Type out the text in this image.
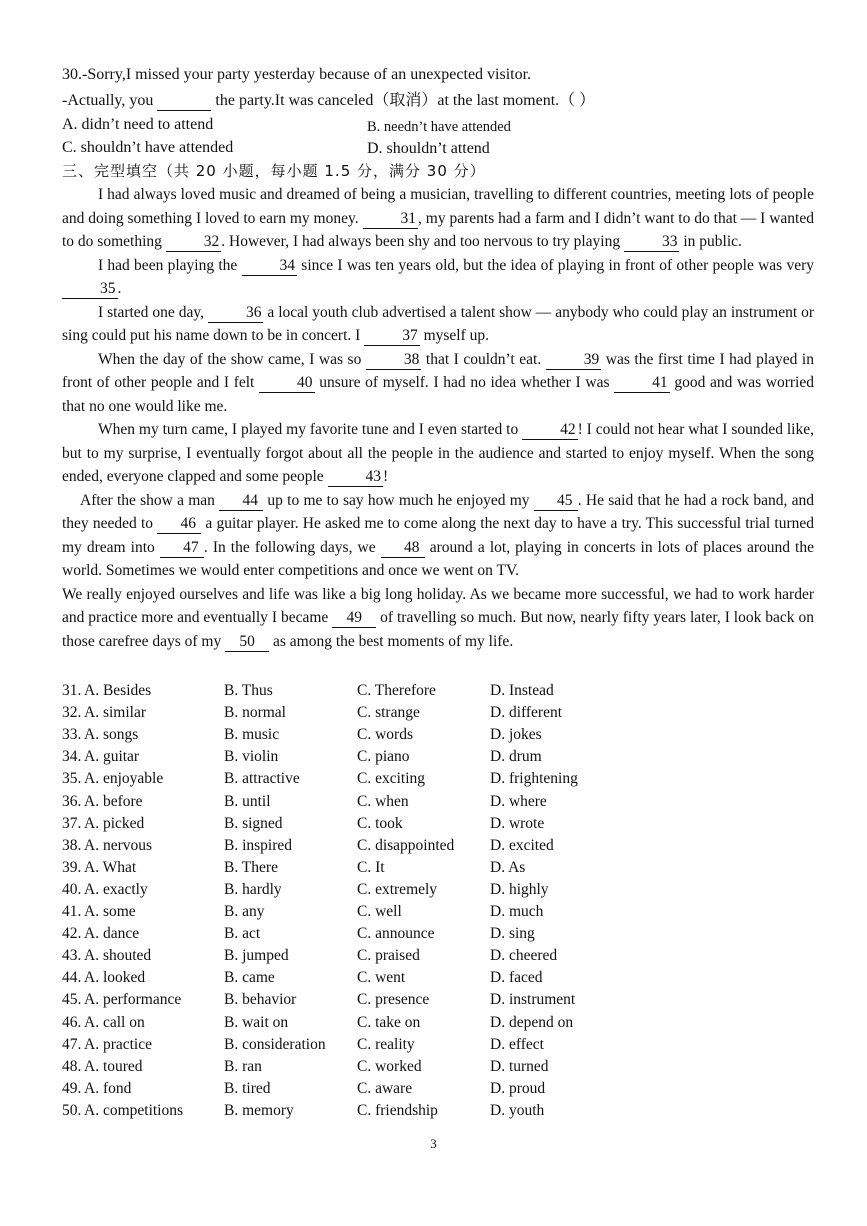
30.-Sorry,I missed your party yesterday because of an unexpected visitor.
-Actually, you	the party.It was canceled（取消）at the last moment.（ ）
A. didn’t need to attend	B. needn’t have attended
C. shouldn’t have attended	D. shouldn’t attend
三、完型填空（共 20 小题，每小题 1.5 分，满分 30 分）

I had always loved music and dreamed of being a musician, travelling to different countries, meeting lots of people and doing something I loved to earn my money. 31 , my parents had a farm and I didn’t want to do that — I wanted to do something 32 . However, I had always been shy and too nervous to try playing 33 in public.

I had been playing the 34 since I was ten years old, but the idea of playing in front of other people was very 35 .

I started one day, 36 a local youth club advertised a talent show — anybody who could play an instrument or sing could put his name down to be in concert. I 37 myself up.

When the day of the show came, I was so 38 that I couldn’t eat. 39 was the first time I had played in front of other people and I felt 40 unsure of myself. I had no idea whether I was 41 good and was worried that no one would like me.

When my turn came, I played my favorite tune and I even started to 42 ! I could not hear what I sounded like, but to my surprise, I eventually forgot about all the people in the audience and started to enjoy myself. When the song ended, everyone clapped and some people 43 !

After the show a man 44 up to me to say how much he enjoyed my 45 . He said that he had a rock band, and they needed to 46 a guitar player. He asked me to come along the next day to have a try. This successful trial turned my dream into 47 . In the following days, we 48 around a lot, playing in concerts in lots of places around the world. Sometimes we would enter competitions and once we went on TV.

We really enjoyed ourselves and life was like a big long holiday. As we became more successful, we had to work harder and practice more and eventually I became 49 of travelling so much. But now, nearly fifty years later, I look back on those carefree days of my 50 as among the best moments of my life.

31. A. Besides	B. Thus	C. Therefore	D. Instead
32. A. similar	B. normal	C. strange	D. different
33. A. songs	B. music	C. words	D. jokes
34. A. guitar	B. violin	C. piano	D. drum
35. A. enjoyable	B. attractive	C. exciting	D. frightening
36. A. before	B. until	C. when	D. where
37. A. picked	B. signed	C. took	D. wrote
38. A. nervous	B. inspired	C. disappointed D. excited
39. A. What	B. There	C. It	D. As
40. A. exactly	B. hardly	C. extremely	D. highly
41. A. some	B. any	C. well	D. much
42. A. dance	B. act	C. announce	D. sing
43. A. shouted	B. jumped	C. praised	D. cheered
44. A. looked	B. came	C. went	D. faced
45. A. performance	B. behavior	C. presence	D. instrument
46. A. call on	B. wait on	C. take on	D. depend on
47. A. practice	B. consideration C. reality	D. effect
48. A. toured	B. ran	C. worked	D. turned
49. A. fond	B. tired	C. aware	D. proud
50. A. competitions	B. memory	C. friendship	D. youth
3
